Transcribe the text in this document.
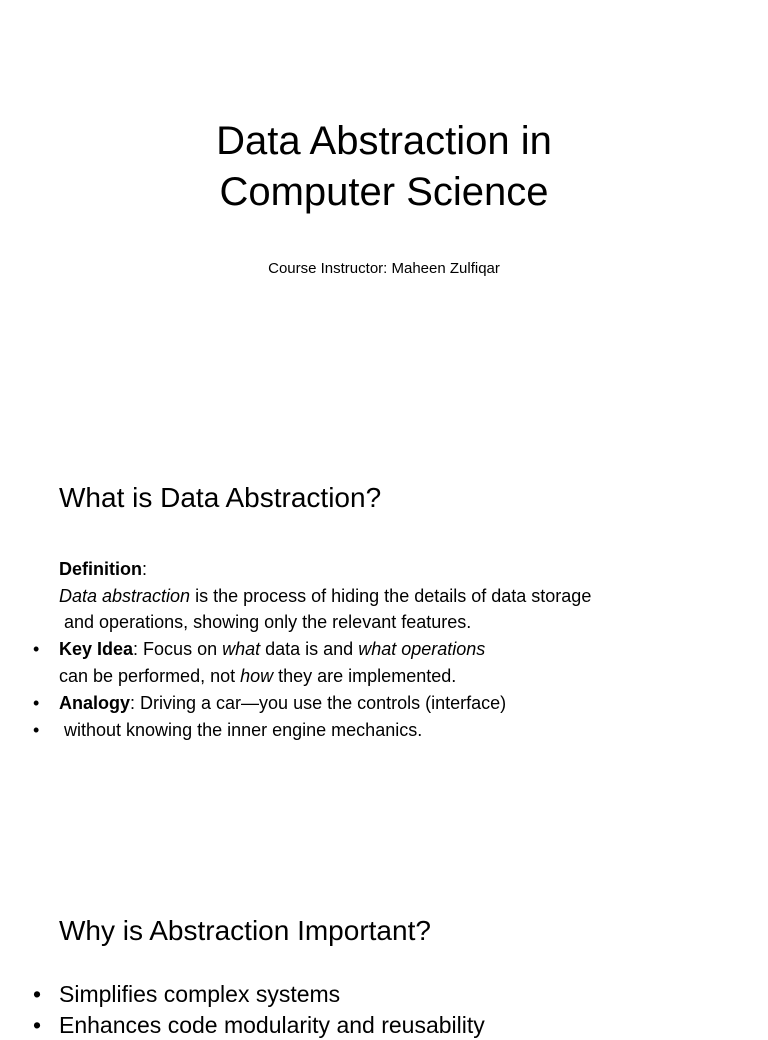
Data Abstraction in
Computer Science
Course Instructor: Maheen Zulfiqar
What is Data Abstraction?
Definition:
Data abstraction is the process of hiding the details of data storage
and operations, showing only the relevant features.
• Key Idea: Focus on what data is and what operations
can be performed, not how they are implemented.
• Analogy: Driving a car—you use the controls (interface)
• without knowing the inner engine mechanics.
Why is Abstraction Important?
• Simplifies complex systems
• Enhances code modularity and reusability
